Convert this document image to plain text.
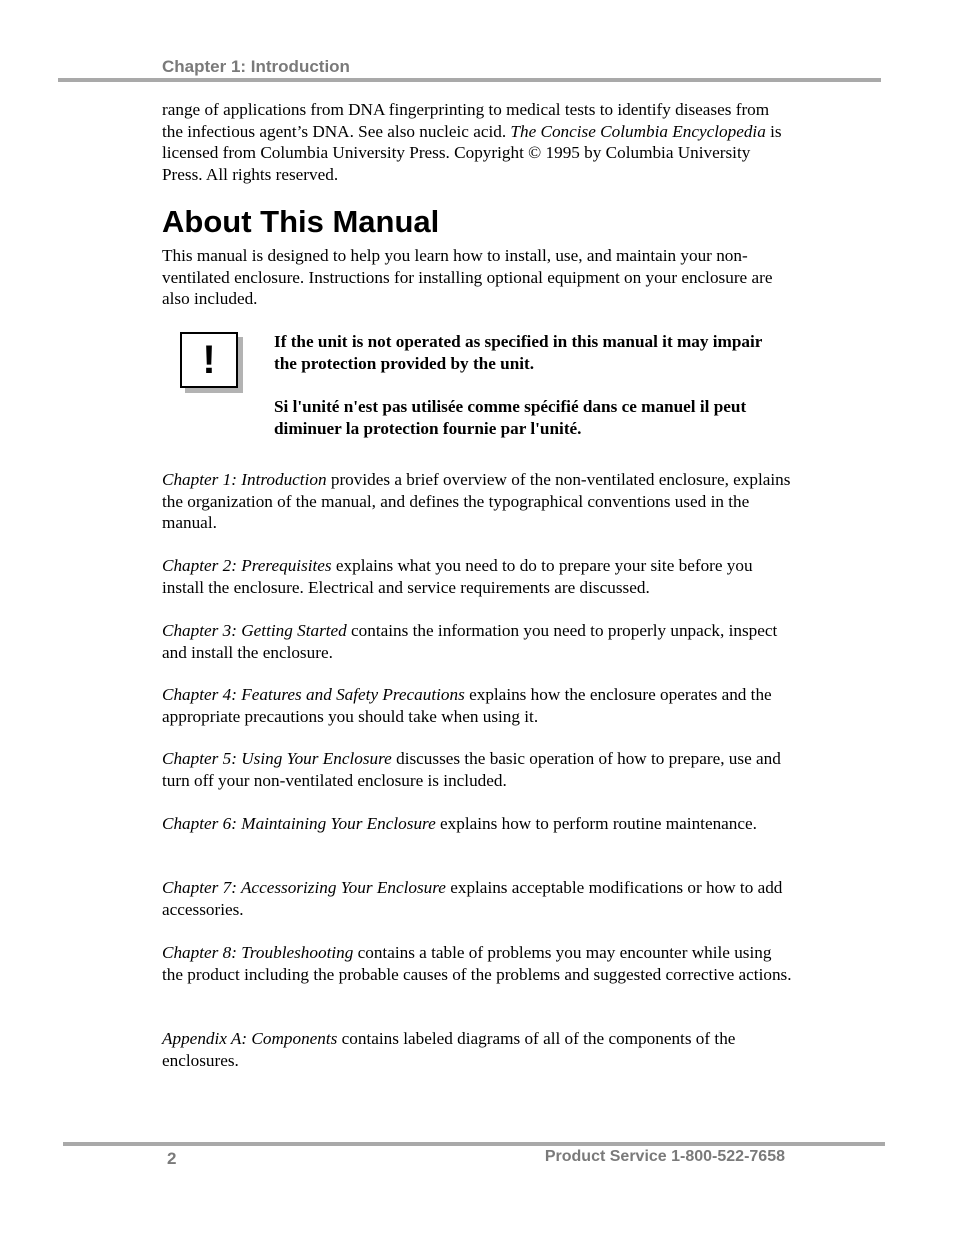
Chapter 1: Introduction
range of applications from DNA fingerprinting to medical tests to identify diseases from the infectious agent’s DNA. See also nucleic acid. The Concise Columbia Encyclopedia is licensed from Columbia University Press. Copyright © 1995 by Columbia University Press. All rights reserved.
About This Manual
This manual is designed to help you learn how to install, use, and maintain your non-ventilated enclosure. Instructions for installing optional equipment on your enclosure are also included.
!	If the unit is not operated as specified in this manual it may impair the protection provided by the unit.
Si l'unité n'est pas utilisée comme spécifié dans ce manuel il peut diminuer la protection fournie par l'unité.
Chapter 1: Introduction provides a brief overview of the non-ventilated enclosure, explains the organization of the manual, and defines the typographical conventions used in the manual.
Chapter 2: Prerequisites explains what you need to do to prepare your site before you install the enclosure. Electrical and service requirements are discussed.
Chapter 3: Getting Started contains the information you need to properly unpack, inspect and install the enclosure.
Chapter 4: Features and Safety Precautions explains how the enclosure operates and the appropriate precautions you should take when using it.
Chapter 5: Using Your Enclosure discusses the basic operation of how to prepare, use and turn off your non-ventilated enclosure is included.
Chapter 6: Maintaining Your Enclosure explains how to perform routine maintenance.
Chapter 7: Accessorizing Your Enclosure explains acceptable modifications or how to add accessories.
Chapter 8: Troubleshooting contains a table of problems you may encounter while using the product including the probable causes of the problems and suggested corrective actions.
Appendix A: Components contains labeled diagrams of all of the components of the enclosures.
2	Product Service 1-800-522-7658
